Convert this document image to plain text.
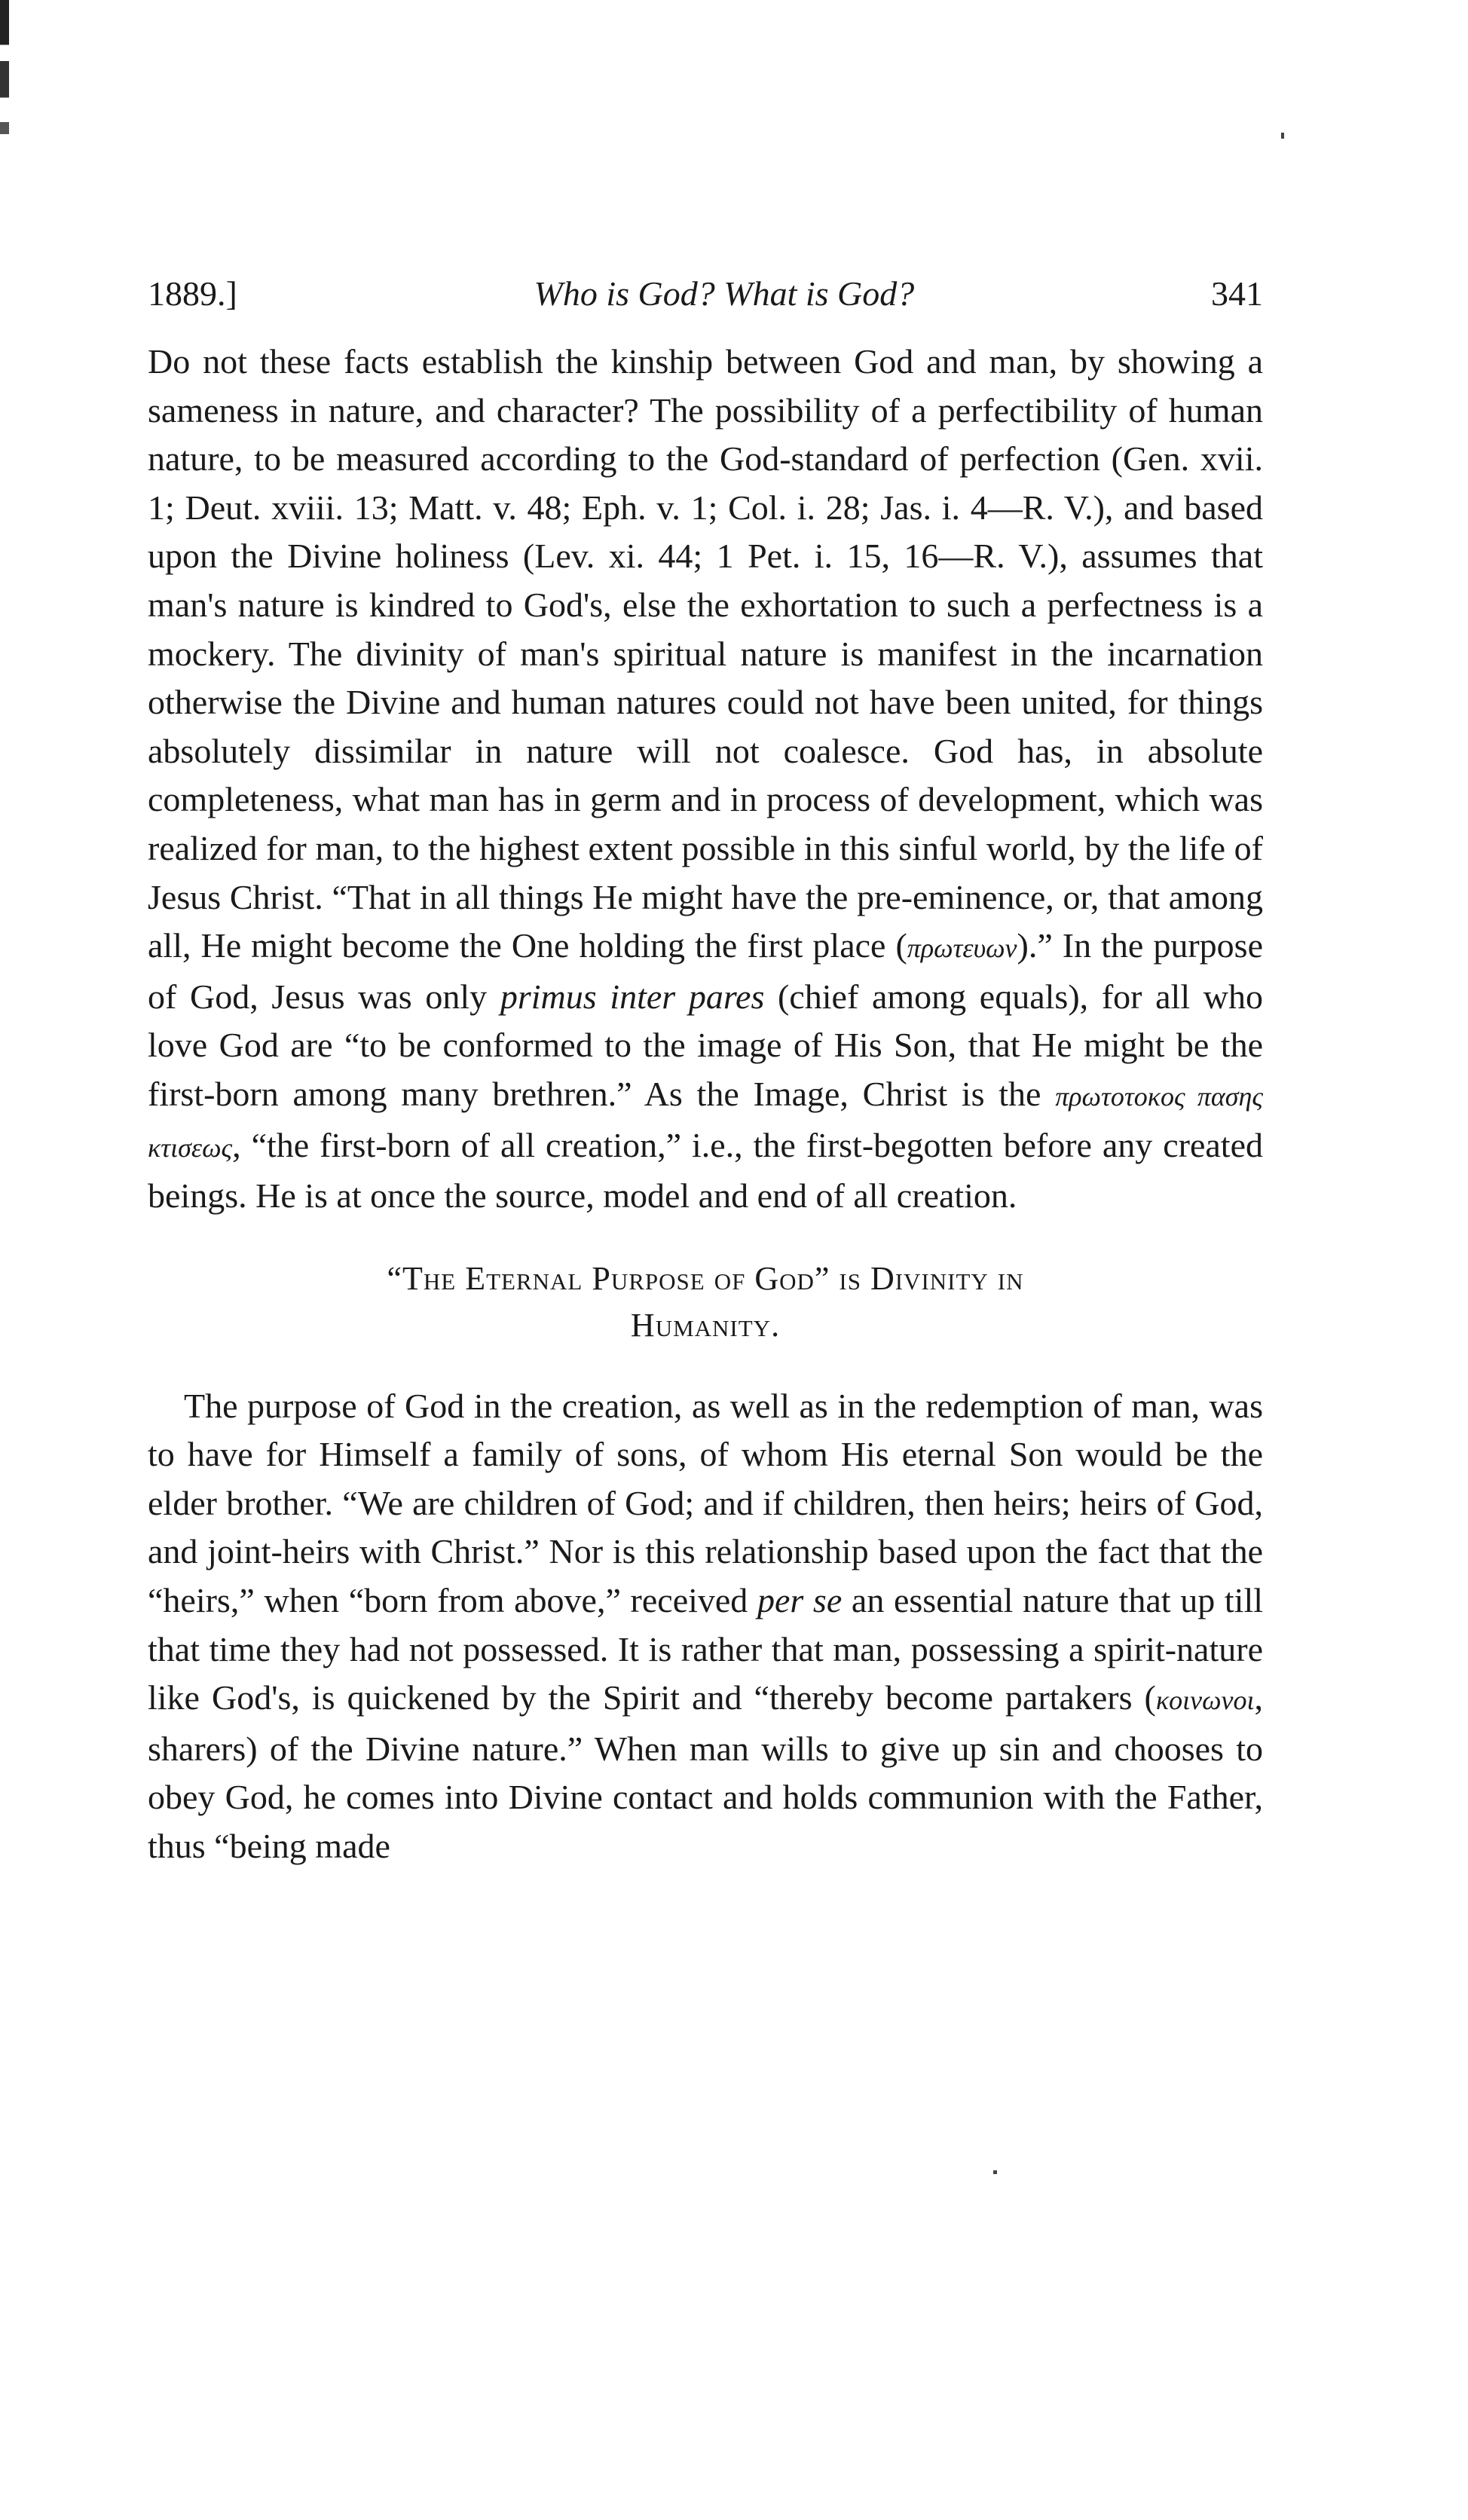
1889.]	Who is God? What is God?	341

Do not these facts establish the kinship between God and man, by showing a sameness in nature, and character? The possibility of a perfectibility of human nature, to be measured according to the God-standard of perfection (Gen. xvii. 1; Deut. xviii. 13; Matt. v. 48; Eph. v. 1; Col. i. 28; Jas. i. 4—R. V.), and based upon the Divine holiness (Lev. xi. 44; 1 Pet. i. 15, 16—R. V.), assumes that man's nature is kindred to God's, else the exhortation to such a perfectness is a mockery. The divinity of man's spiritual nature is manifest in the incarnation otherwise the Divine and human natures could not have been united, for things absolutely dissimilar in nature will not coalesce. God has, in absolute completeness, what man has in germ and in process of development, which was realized for man, to the highest extent possible in this sinful world, by the life of Jesus Christ. “That in all things He might have the pre-eminence, or, that among all, He might become the One holding the first place (πρωτευων).” In the purpose of God, Jesus was only primus inter pares (chief among equals), for all who love God are “to be conformed to the image of His Son, that He might be the first-born among many brethren.” As the Image, Christ is the πρωτοτοκος πασης κτισεως, “the first-born of all creation,” i.e., the first-begotten before any created beings. He is at once the source, model and end of all creation.

“The Eternal Purpose of God” is Divinity in
Humanity.

The purpose of God in the creation, as well as in the redemption of man, was to have for Himself a family of sons, of whom His eternal Son would be the elder brother. “We are children of God; and if children, then heirs; heirs of God, and joint-heirs with Christ.” Nor is this relationship based upon the fact that the “heirs,” when “born from above,” received per se an essential nature that up till that time they had not possessed. It is rather that man, possessing a spirit-nature like God's, is quickened by the Spirit and “thereby become partakers (κοινωνοι, sharers) of the Divine nature.” When man wills to give up sin and chooses to obey God, he comes into Divine contact and holds communion with the Father, thus “being made
